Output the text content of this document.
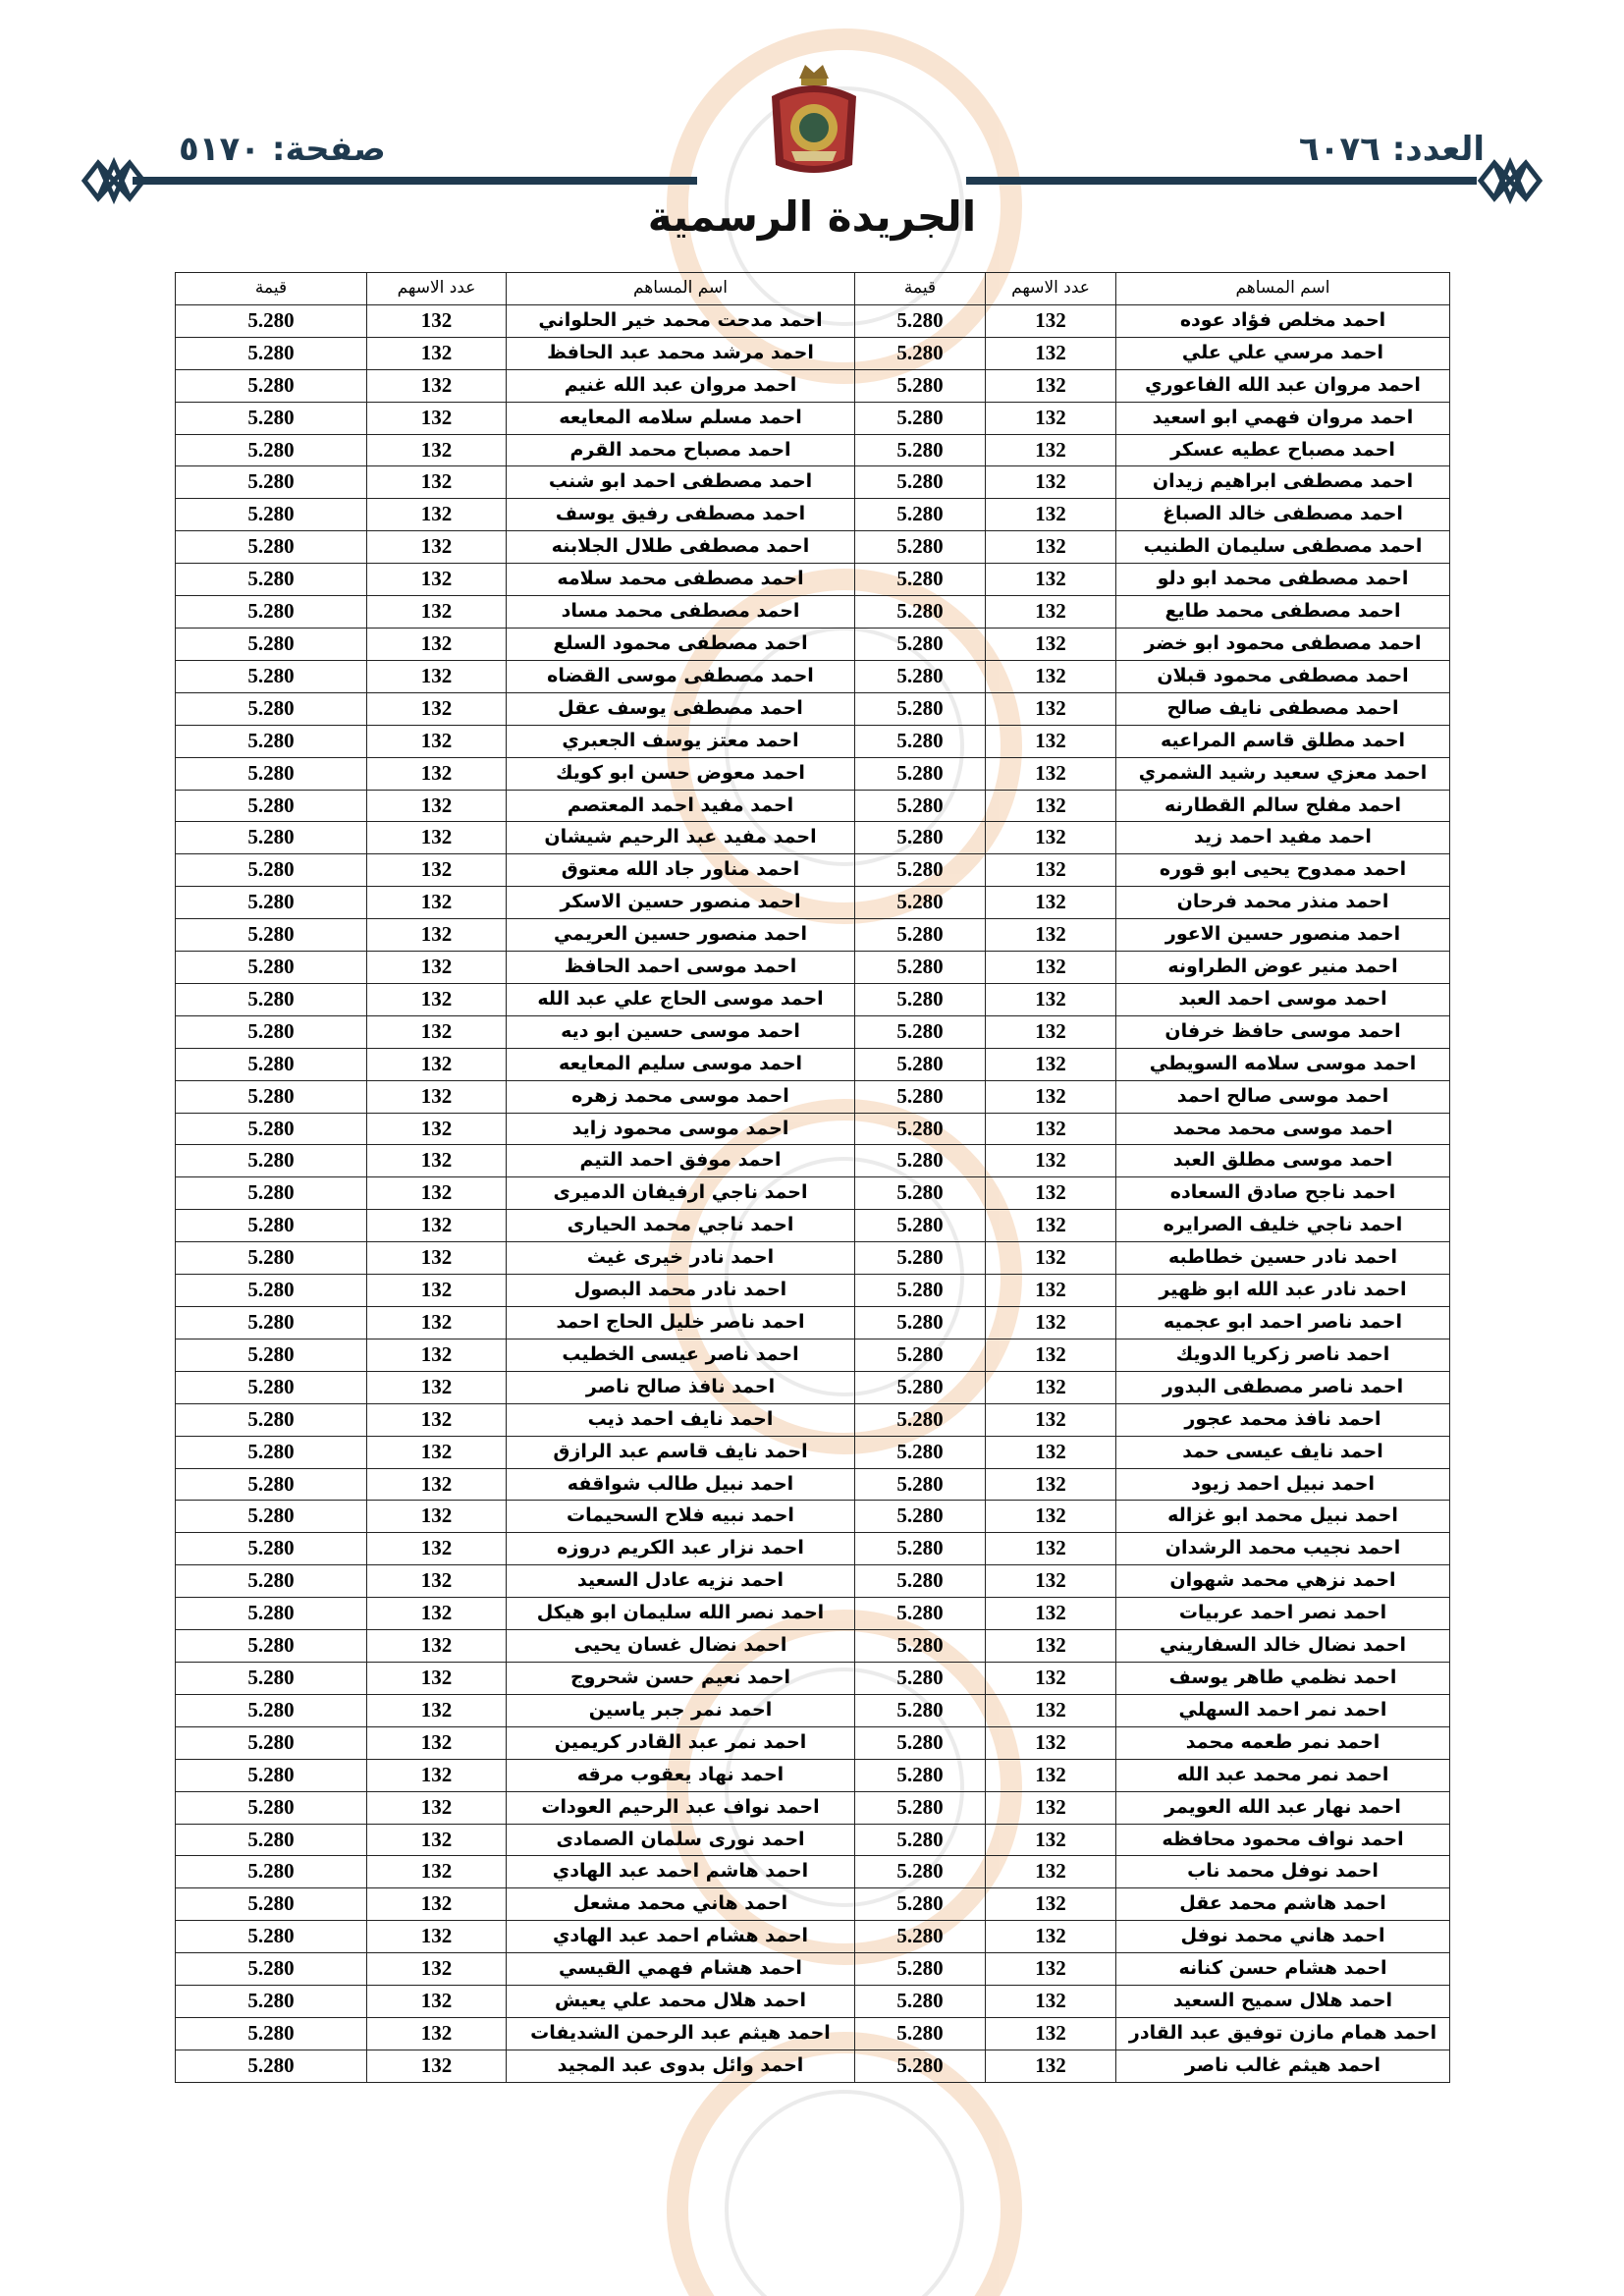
العدد: ٦٠٧٦
صفحة: ٥١٧٠
الجريدة الرسمية
اسم المساهم	عدد الاسهم	قيمة	اسم المساهم	عدد الاسهم	قيمة
احمد مخلص فؤاد عوده	132	5.280	احمد مدحت محمد خير الحلواني	132	5.280
احمد مرسي علي علي	132	5.280	احمد مرشد محمد عبد الحافظ	132	5.280
احمد مروان عبد الله الفاعوري	132	5.280	احمد مروان عبد الله غنيم	132	5.280
احمد مروان فهمي ابو اسعيد	132	5.280	احمد مسلم سلامه المعايعه	132	5.280
احمد مصباح عطيه عسكر	132	5.280	احمد مصباح محمد القرم	132	5.280
احمد مصطفى ابراهيم زيدان	132	5.280	احمد مصطفى احمد ابو شنب	132	5.280
احمد مصطفى خالد الصباغ	132	5.280	احمد مصطفى رفيق يوسف	132	5.280
احمد مصطفى سليمان الطنيب	132	5.280	احمد مصطفى طلال الجلابنه	132	5.280
احمد مصطفى محمد ابو دلو	132	5.280	احمد مصطفى محمد سلامه	132	5.280
احمد مصطفى محمد طايع	132	5.280	احمد مصطفى محمد مساد	132	5.280
احمد مصطفى محمود ابو خضر	132	5.280	احمد مصطفى محمود السلع	132	5.280
احمد مصطفى محمود قبلان	132	5.280	احمد مصطفى موسى القضاه	132	5.280
احمد مصطفى نايف صالح	132	5.280	احمد مصطفى يوسف عقل	132	5.280
احمد مطلق قاسم المراعيه	132	5.280	احمد معتز يوسف الجعبري	132	5.280
احمد معزي سعيد رشيد الشمري	132	5.280	احمد معوض حسن ابو كويك	132	5.280
احمد مفلح سالم القطارنه	132	5.280	احمد مفيد احمد المعتصم	132	5.280
احمد مفيد احمد زيد	132	5.280	احمد مفيد عبد الرحيم شيشان	132	5.280
احمد ممدوح يحيى ابو قوره	132	5.280	احمد مناور جاد الله معتوق	132	5.280
احمد منذر محمد فرحان	132	5.280	احمد منصور حسين الاسكر	132	5.280
احمد منصور حسين الاعور	132	5.280	احمد منصور حسين العريمي	132	5.280
احمد منير عوض الطراونه	132	5.280	احمد موسى احمد الحافظ	132	5.280
احمد موسى احمد العبد	132	5.280	احمد موسى الحاج علي عبد الله	132	5.280
احمد موسى حافظ خرفان	132	5.280	احمد موسى حسين ابو ديه	132	5.280
احمد موسى سلامه السويطي	132	5.280	احمد موسى سليم المعايعه	132	5.280
احمد موسى صالح احمد	132	5.280	احمد موسى محمد زهره	132	5.280
احمد موسى محمد محمد	132	5.280	احمد موسى محمود زايد	132	5.280
احمد موسى مطلق العبد	132	5.280	احمد موفق احمد التيم	132	5.280
احمد ناجح صادق السعاده	132	5.280	احمد ناجي ارفيفان الدميرى	132	5.280
احمد ناجي خليف الصرايره	132	5.280	احمد ناجي محمد الحيارى	132	5.280
احمد نادر حسين خطاطبه	132	5.280	احمد نادر خيرى غيث	132	5.280
احمد نادر عبد الله ابو ظهير	132	5.280	احمد نادر محمد البصول	132	5.280
احمد ناصر احمد ابو عجميه	132	5.280	احمد ناصر خليل الحاج احمد	132	5.280
احمد ناصر زكريا الدويك	132	5.280	احمد ناصر عيسى الخطيب	132	5.280
احمد ناصر مصطفى البدور	132	5.280	احمد نافذ صالح ناصر	132	5.280
احمد نافذ محمد عجور	132	5.280	احمد نايف احمد ذيب	132	5.280
احمد نايف عيسى حمد	132	5.280	احمد نايف قاسم عبد الرازق	132	5.280
احمد نبيل احمد زيود	132	5.280	احمد نبيل طالب شواقفه	132	5.280
احمد نبيل محمد ابو غزاله	132	5.280	احمد نبيه فلاح السحيمات	132	5.280
احمد نجيب محمد الرشدان	132	5.280	احمد نزار عبد الكريم دروزه	132	5.280
احمد نزهي محمد شهوان	132	5.280	احمد نزيه عادل السعيد	132	5.280
احمد نصر احمد عربيات	132	5.280	احمد نصر الله سليمان ابو هيكل	132	5.280
احمد نضال خالد السفاريني	132	5.280	احمد نضال غسان يحيى	132	5.280
احمد نظمي طاهر يوسف	132	5.280	احمد نعيم حسن شحروج	132	5.280
احمد نمر احمد السهلي	132	5.280	احمد نمر جبر ياسين	132	5.280
احمد نمر طعمه محمد	132	5.280	احمد نمر عبد القادر كريمين	132	5.280
احمد نمر محمد عبد الله	132	5.280	احمد نهاد يعقوب مرقه	132	5.280
احمد نهار عبد الله العويمر	132	5.280	احمد نواف عبد الرحيم العودات	132	5.280
احمد نواف محمود محافظه	132	5.280	احمد نورى سلمان الصمادى	132	5.280
احمد نوفل محمد ناب	132	5.280	احمد هاشم احمد عبد الهادي	132	5.280
احمد هاشم محمد عقل	132	5.280	احمد هاني محمد مشعل	132	5.280
احمد هاني محمد نوفل	132	5.280	احمد هشام احمد عبد الهادي	132	5.280
احمد هشام حسن كنانه	132	5.280	احمد هشام فهمي القيسي	132	5.280
احمد هلال سميح السعيد	132	5.280	احمد هلال محمد علي يعيش	132	5.280
احمد همام مازن توفيق عبد القادر	132	5.280	احمد هيثم عبد الرحمن الشديفات	132	5.280
احمد هيثم غالب ناصر	132	5.280	احمد وائل بدوى عبد المجيد	132	5.280
